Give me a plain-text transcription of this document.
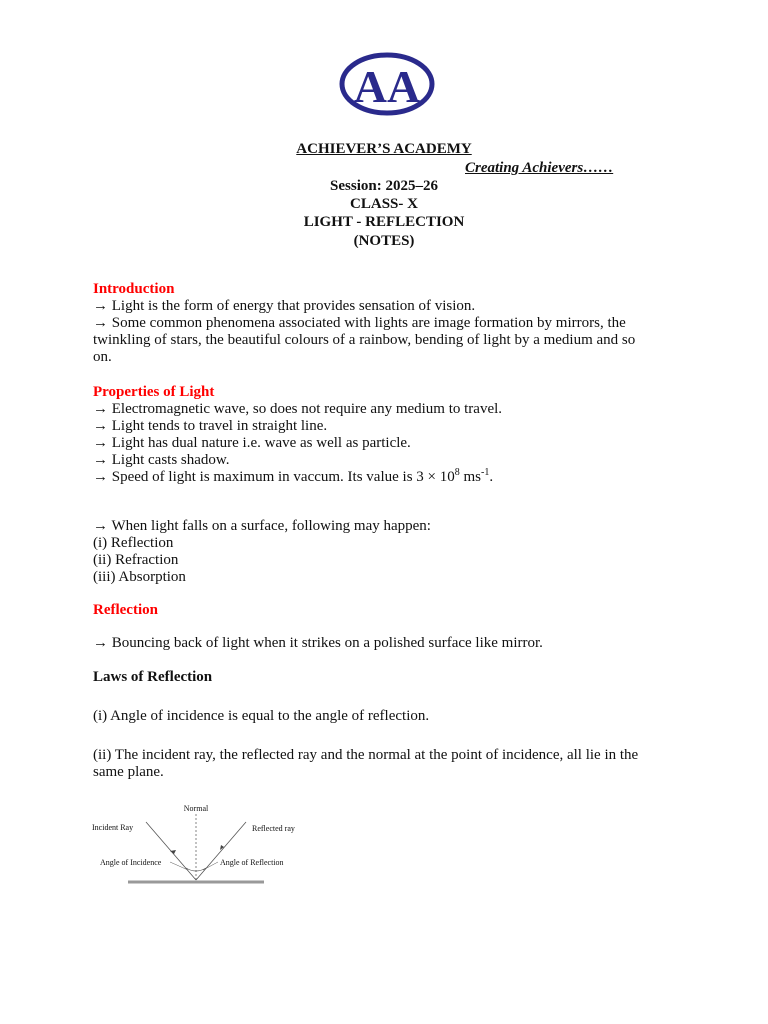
AA
ACHIEVER’S ACADEMY
Creating Achievers……
Session: 2025–26
CLASS- X
LIGHT - REFLECTION
(NOTES)
Introduction
→ Light is the form of energy that provides sensation of vision.
→ Some common phenomena associated with lights are image formation by mirrors, the
twinkling of stars, the beautiful colours of a rainbow, bending of light by a medium and so
on.
Properties of Light
→ Electromagnetic wave, so does not require any medium to travel.
→ Light tends to travel in straight line.
→ Light has dual nature i.e. wave as well as particle.
→ Light casts shadow.
→ Speed of light is maximum in vaccum. Its value is $3 \times 10^8$ $ms^{-1}$.
→ When light falls on a surface, following may happen:
(i) Reflection
(ii) Refraction
(iii) Absorption
Reflection
→ Bouncing back of light when it strikes on a polished surface like mirror.
Laws of Reflection
(i) Angle of incidence is equal to the angle of reflection.
(ii) The incident ray, the reflected ray and the normal at the point of incidence, all lie in the
same plane.
Normal
Incident Ray	Reflected ray
Angle of Incidence	Angle of Reflection
